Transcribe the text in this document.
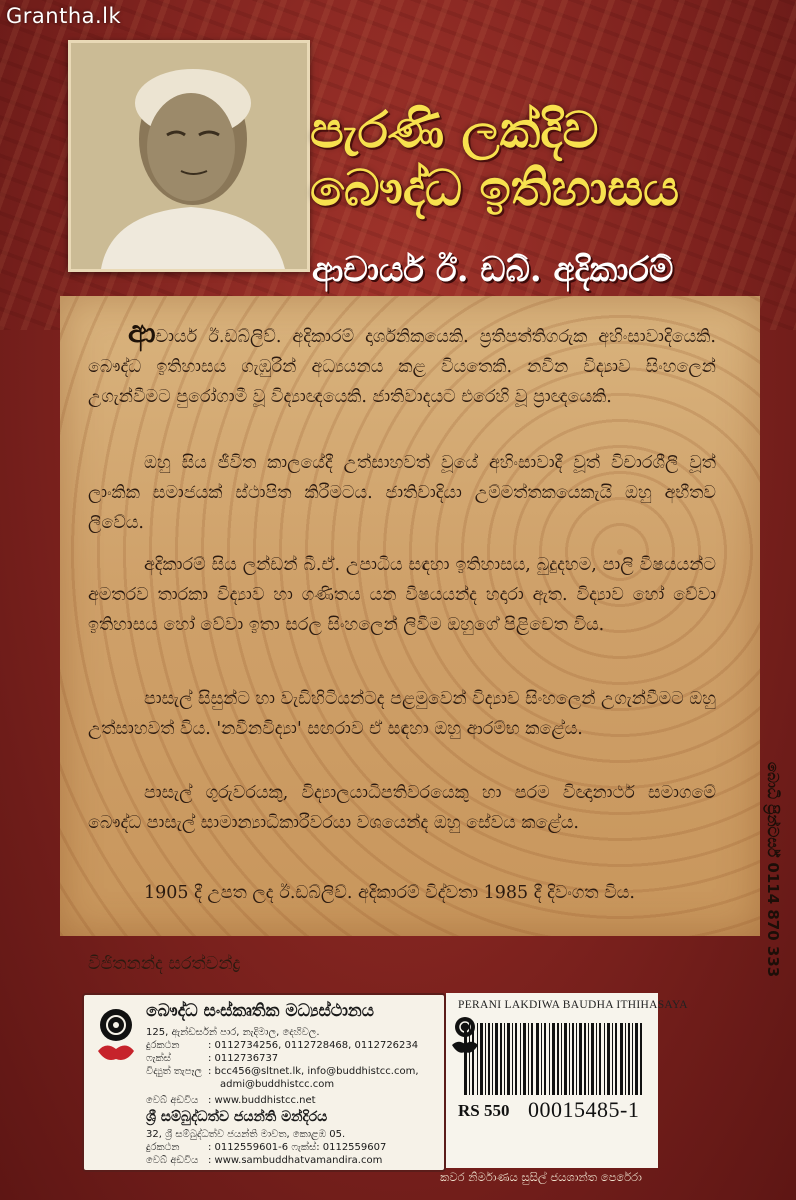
Grantha.lk
පැරණි ලක්දිව
බෞද්ධ ඉතිහාසය
ආචාර්ය ඊ. ඩබ්. අදිකාරම්

ආචාර්ය ඊ.ඩබ්ලිව්. අදිකාරම් දාර්ශනිකයෙකි. ප්‍රතිපත්තිගරුක අහිංසාවාදියෙකි. බෞද්ධ ඉතිහාසය ගැඹුරින් අධ්‍යයනය කළ වියතෙකි. නවීන විද්‍යාව සිංහලෙන් උගැන්වීමට පුරෝගාමී වූ විද්‍යාඥයෙකි. ජාතිවාදයට එරෙහි වූ ප්‍රාඥයෙකි.

ඔහු සිය ජීවිත කාලයේදී උත්සාහවත් වූයේ අහිංසාවාදී වූත් විචාරශීලී වූත් ලාංකික සමාජයක් ස්ථාපිත කිරීමටය. ජාතිවාදියා උම්මත්තකයෙකැයි ඔහු අභීතව ලීවේය.

අදිකාරම් සිය ලන්ඩන් බී.ඒ. උපාධිය සඳහා ඉතිහාසය, බුදුදහම, පාලි විෂයයන්ට අමතරව තාරකා විද්‍යාව හා ගණිතය යන විෂයයන්ද හදාරා ඇත. විද්‍යාව හෝ වේවා ඉතිහාසය හෝ වේවා ඉතා සරල සිංහලෙන් ලිවීම ඔහුගේ පිළිවෙත විය.

පාසැල් සිසුන්ට හා වැඩිහිටියන්ටද පළමුවෙන් විද්‍යාව සිංහලෙන් උගැන්වීමට ඔහු උත්සාහවත් විය. 'නවීනවිද්‍යා' සඟරාව ඒ සඳහා ඔහු ආරම්භ කළේය.

පාසැල් ගුරුවරයකු, විද්‍යාලයාධිපතිවරයෙකු හා පරම විඥානාර්ථ සමාගමේ බෞද්ධ පාසැල් සාමාන්‍යාධිකාරීවරයා වශයෙන්ද ඔහු සේවය කළේය.

1905 දී උපත ලද ඊ.ඩබ්ලිව්. අදිකාරම් විද්වතා 1985 දී දිවංගත විය.

විජිතනන්ද සරත්චන්ද්‍ර	බොධි ප්‍රින්ටර්ස් 0114 870 333
බෞද්ධ සංස්කෘතික මධ්‍යස්ථානය
125, ඇන්ඩර්සන් පාර, නැදිමාල, දෙහිවල.
දුරකථන	: 0112734256, 0112728468, 0112726234
ෆැක්ස්	: 0112736737
විද්‍යුත් තැපෑල : bcc456@sltnet.lk, info@buddhistcc.com,
admi@buddhistcc.com
වෙබ් අඩවිය : www.buddhistcc.net
ශ්‍රී සම්බුද්ධත්ව ජයන්ති මන්දිරය
32, ශ්‍රී සම්බුද්ධත්ව ජයන්ති මාවත, කොළඹ 05.
දුරකථන	: 0112559601-6 ෆැක්ස්: 0112559607
වෙබ් අඩවිය : www.sambuddhatvamandira.com
PERANI LAKDIWA BAUDHA ITHIHASAYA
RS 550 00015485-1
කවර නිර්මාණය සුසිල් ජයශාන්ත පෙරේරා
